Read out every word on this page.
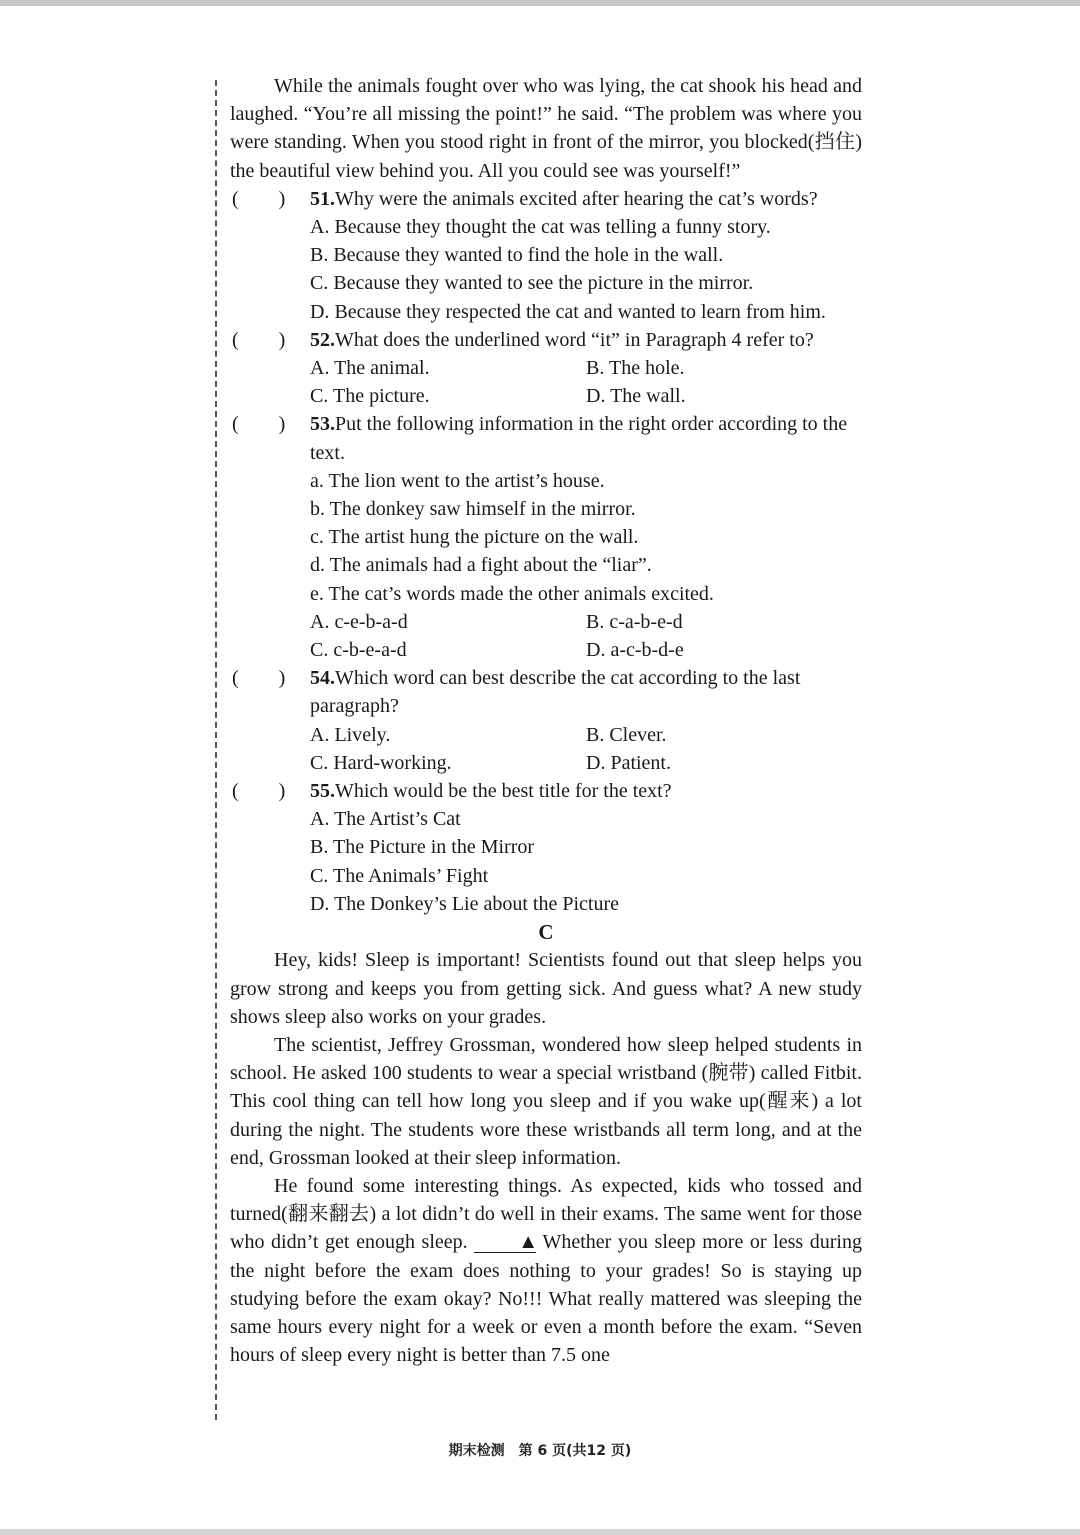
While the animals fought over who was lying, the cat shook his head and laughed. “You’re all missing the point!” he said. “The problem was where you were standing. When you stood right in front of the mirror, you blocked(挡住) the beautiful view behind you. All you could see was yourself!”

(　　) 51.Why were the animals excited after hearing the cat’s words?
A. Because they thought the cat was telling a funny story.
B. Because they wanted to find the hole in the wall.
C. Because they wanted to see the picture in the mirror.
D. Because they respected the cat and wanted to learn from him.
(　　) 52.What does the underlined word “it” in Paragraph 4 refer to?
A. The animal.	B. The hole.
C. The picture.	D. The wall.
(　　) 53.Put the following information in the right order according to the text.
a. The lion went to the artist’s house.
b. The donkey saw himself in the mirror.
c. The artist hung the picture on the wall.
d. The animals had a fight about the “liar”.
e. The cat’s words made the other animals excited.
A. c-e-b-a-d	B. c-a-b-e-d
C. c-b-e-a-d	D. a-c-b-d-e
(　　) 54.Which word can best describe the cat according to the last paragraph?
A. Lively.	B. Clever.
C. Hard-working.	D. Patient.
(　　) 55.Which would be the best title for the text?
A. The Artist’s Cat
B. The Picture in the Mirror
C. The Animals’ Fight
D. The Donkey’s Lie about the Picture
C

Hey, kids! Sleep is important! Scientists found out that sleep helps you grow strong and keeps you from getting sick. And guess what? A new study shows sleep also works on your grades.

The scientist, Jeffrey Grossman, wondered how sleep helped students in school. He asked 100 students to wear a special wristband (腕带) called Fitbit. This cool thing can tell how long you sleep and if you wake up(醒来) a lot during the night. The students wore these wristbands all term long, and at the end, Grossman looked at their sleep information.

He found some interesting things. As expected, kids who tossed and turned(翻来翻去) a lot didn’t do well in their exams. The same went for those who didn’t get enough sleep. ▲ Whether you sleep more or less during the night before the exam does nothing to your grades! So is staying up studying before the exam okay? No!!! What really mattered was sleeping the same hours every night for a week or even a month before the exam. “Seven hours of sleep every night is better than 7.5 one

期末检测　第 6 页(共12 页)
